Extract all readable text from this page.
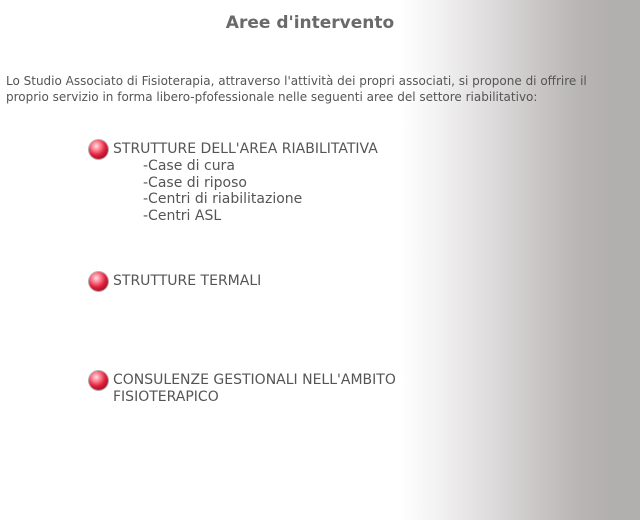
Aree d'intervento

Lo Studio Associato di Fisioterapia, attraverso l'attività dei propri associati, si propone di offrire il proprio servizio in forma libero-pfofessionale nelle seguenti aree del settore riabilitativo:

STRUTTURE DELL'AREA RIABILITATIVA
-Case di cura
-Case di riposo
-Centri di riabilitazione
-Centri ASL
STRUTTURE TERMALI
CONSULENZE GESTIONALI NELL'AMBITO
FISIOTERAPICO
